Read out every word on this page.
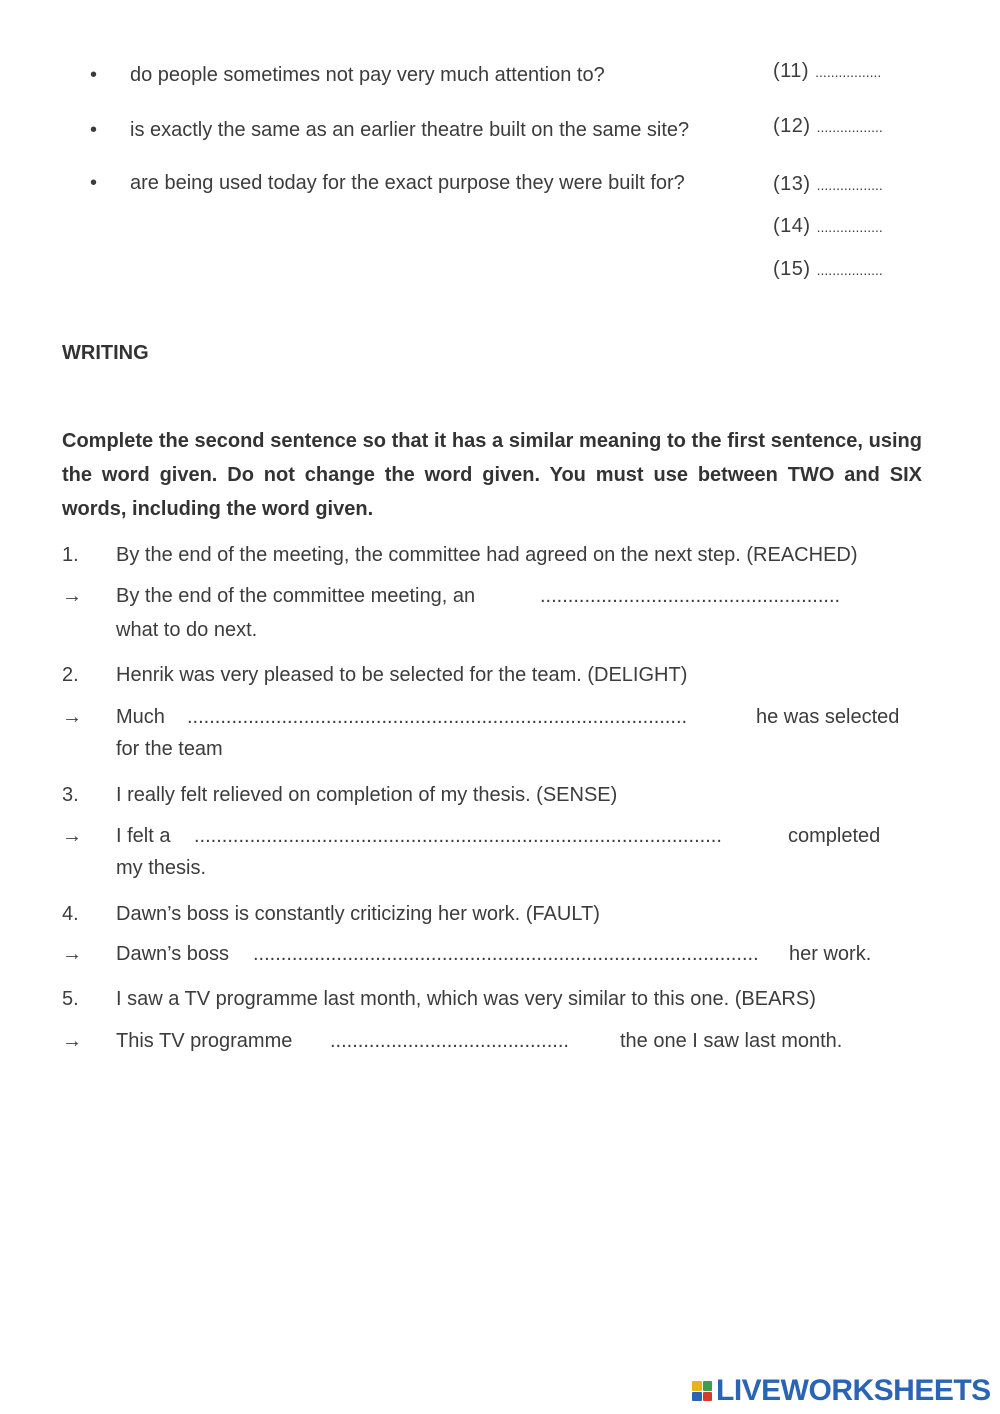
• do people sometimes not pay very much attention to?
• is exactly the same as an earlier theatre built on the same site?
• are being used today for the exact purpose they were built for?
(11) .................
(12) .................
(13) .................
(14) .................
(15) .................
WRITING
Complete the second sentence so that it has a similar meaning to the first sentence, using the word given. Do not change the word given. You must use between TWO and SIX words, including the word given.
1. By the end of the meeting, the committee had agreed on the next step. (REACHED)
→ By the end of the committee meeting, an	......................................................
what to do next.
2. Henrik was very pleased to be selected for the team. (DELIGHT)
→ Much ..........................................................................................	he was selected
for the team
3. I really felt relieved on completion of my thesis. (SENSE)
→ I felt a ...............................................................................................	completed
my thesis.
4. Dawn’s boss is constantly criticizing her work. (FAULT)
→ Dawn’s boss ........................................................................................... her work.
5. I saw a TV programme last month, which was very similar to this one. (BEARS)
→ This TV programme ...........................................	the one I saw last month.
LIVEWORKSHEETS
